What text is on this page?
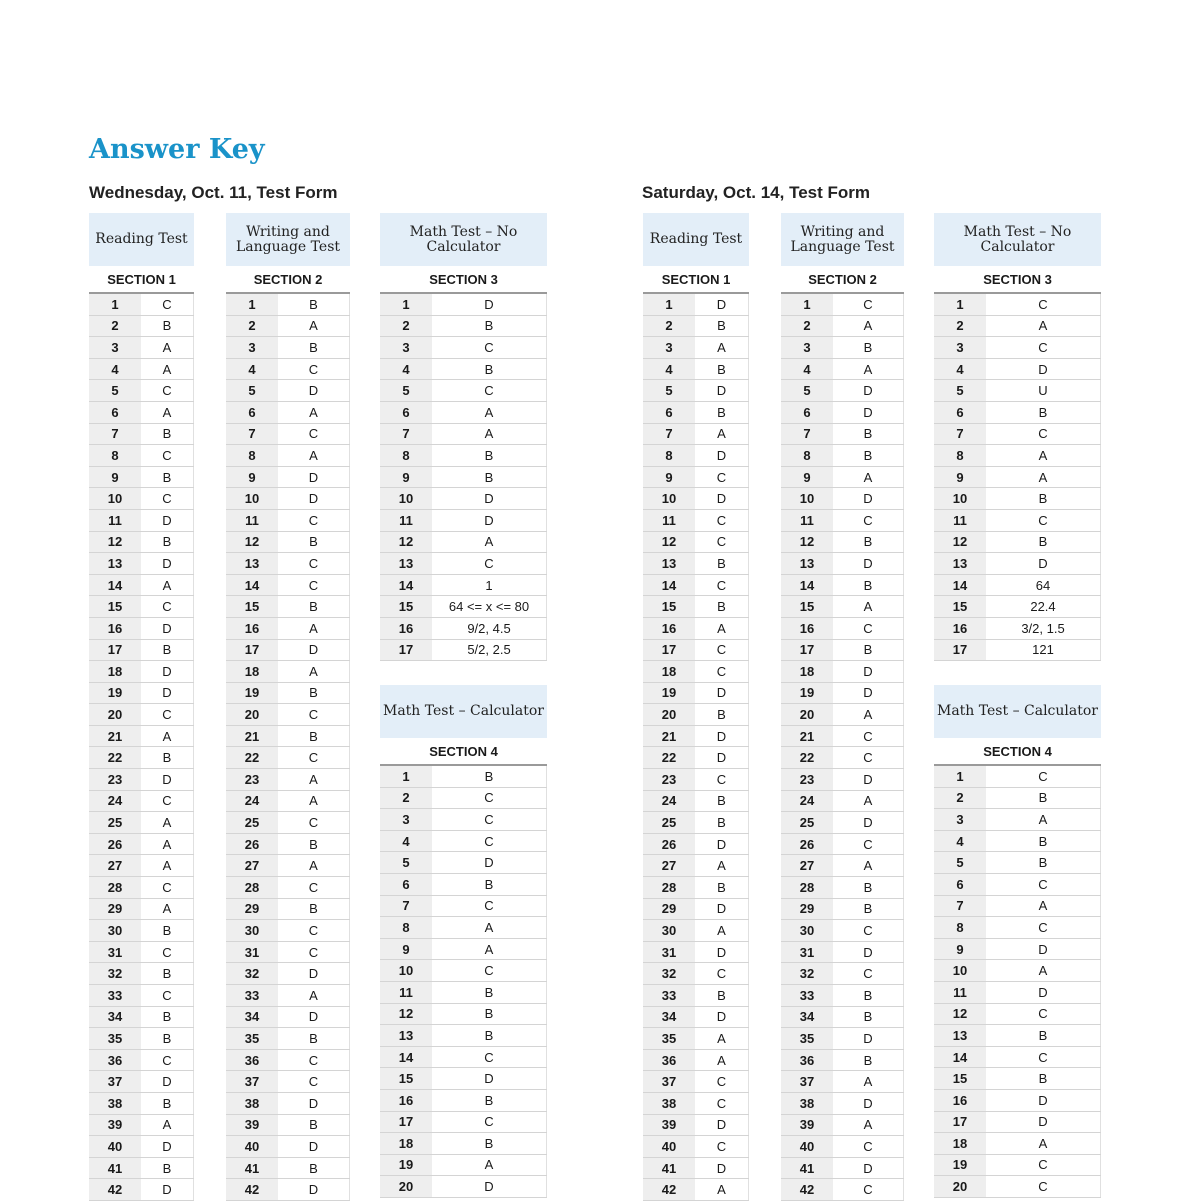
Answer Key
Wednesday, Oct. 11, Test Form	Saturday, Oct. 14, Test Form
Reading Test
SECTION 1
1	C
2	B
3	A
4	A
5	C
6	A
7	B
8	C
9	B
10	C
11	D
12	B
13	D
14	A
15	C
16	D
17	B
18	D
19	D
20	C
21	A
22	B
23	D
24	C
25	A
26	A
27	A
28	C
29	A
30	B
31	C
32	B
33	C
34	B
35	B
36	C
37	D
38	B
39	A
40	D
41	B
42	D
Writing and Language Test
SECTION 2
1	B
2	A
3	B
4	C
5	D
6	A
7	C
8	A
9	D
10	D
11	C
12	B
13	C
14	C
15	B
16	A
17	D
18	A
19	B
20	C
21	B
22	C
23	A
24	A
25	C
26	B
27	A
28	C
29	B
30	C
31	C
32	D
33	A
34	D
35	B
36	C
37	C
38	D
39	B
40	D
41	B
42	D
Math Test – No Calculator
SECTION 3
1	D
2	B
3	C
4	B
5	C
6	A
7	A
8	B
9	B
10	D
11	D
12	A
13	C
14	1
15	64 <= x <= 80
16	9/2, 4.5
17	5/2, 2.5
Math Test – Calculator
SECTION 4
1	B
2	C
3	C
4	C
5	D
6	B
7	C
8	A
9	A
10	C
11	B
12	B
13	B
14	C
15	D
16	B
17	C
18	B
19	A
20	D
Reading Test
SECTION 1
1	D
2	B
3	A
4	B
5	D
6	B
7	A
8	D
9	C
10	D
11	C
12	C
13	B
14	C
15	B
16	A
17	C
18	C
19	D
20	B
21	D
22	D
23	C
24	B
25	B
26	D
27	A
28	B
29	D
30	A
31	D
32	C
33	B
34	D
35	A
36	A
37	C
38	C
39	D
40	C
41	D
42	A
Writing and Language Test
SECTION 2
1	C
2	A
3	B
4	A
5	D
6	D
7	B
8	B
9	A
10	D
11	C
12	B
13	D
14	B
15	A
16	C
17	B
18	D
19	D
20	A
21	C
22	C
23	D
24	A
25	D
26	C
27	A
28	B
29	B
30	C
31	D
32	C
33	B
34	B
35	D
36	B
37	A
38	D
39	A
40	C
41	D
42	C
Math Test – No Calculator
SECTION 3
1	C
2	A
3	C
4	D
5	U
6	B
7	C
8	A
9	A
10	B
11	C
12	B
13	D
14	64
15	22.4
16	3/2, 1.5
17	121
Math Test – Calculator
SECTION 4
1	C
2	B
3	A
4	B
5	B
6	C
7	A
8	C
9	D
10	A
11	D
12	C
13	B
14	C
15	B
16	D
17	D
18	A
19	C
20	C
